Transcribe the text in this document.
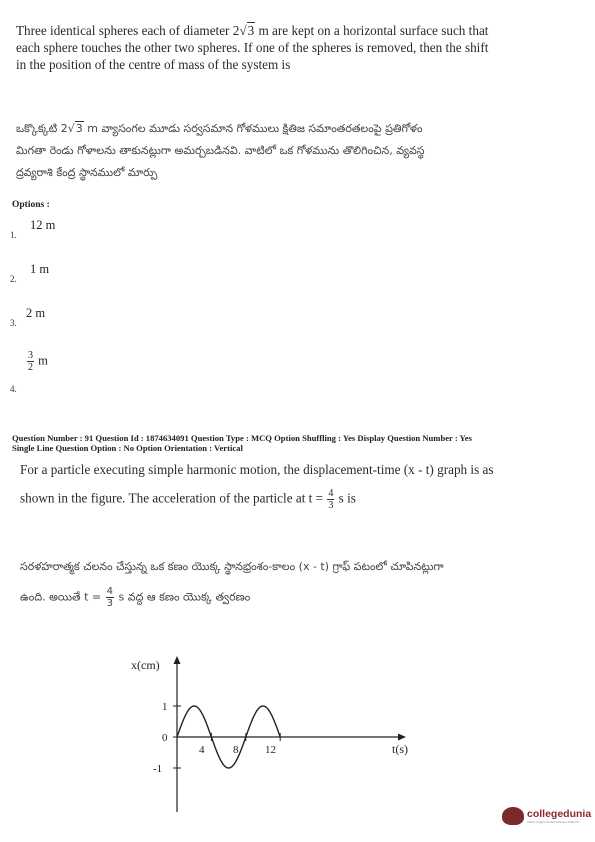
Three identical spheres each of diameter 2√3 m are kept on a horizontal surface such that
each sphere touches the other two spheres. If one of the spheres is removed, then the shift
in the position of the centre of mass of the system is
ఒక్కొక్కటి 2√3 m వ్యాసంగల మూడు సర్వసమాన గోళములు క్షితిజ సమాంతరతలంపై ప్రతిగోళం
మిగతా రెండు గోళాలను తాకునట్లుగా అమర్చబడినవి. వాటిలో ఒక గోళమును తొలిగించిన, వ్యవస్థ
ద్రవ్యరాశి కేంద్ర స్థానములో మార్పు
Options :
12 m
1.
1 m
2.
2 m
3.
$\frac{3}{2}$ m
4.
Question Number : 91 Question Id : 1874634091 Question Type : MCQ Option Shuffling : Yes Display Question Number : Yes
Single Line Question Option : No Option Orientation : Vertical
For a particle executing simple harmonic motion, the displacement-time (x - t) graph is as
shown in the figure. The acceleration of the particle at $t = \frac{4}{3}$ s is
సరళహరాత్మక చలనం చేస్తున్న ఒక కణం యొక్క స్థానభ్రంశం-కాలం (x - t) గ్రాఫ్ పటంలో చూపినట్లుగా
ఉంది. అయితే $t = \frac{4}{3}$ s వద్ద ఆ కణం యొక్క త్వరణం
x(cm)
t(s)
1
0
-1
4	8 12
collegedunia
India's largest Student Review Platform
